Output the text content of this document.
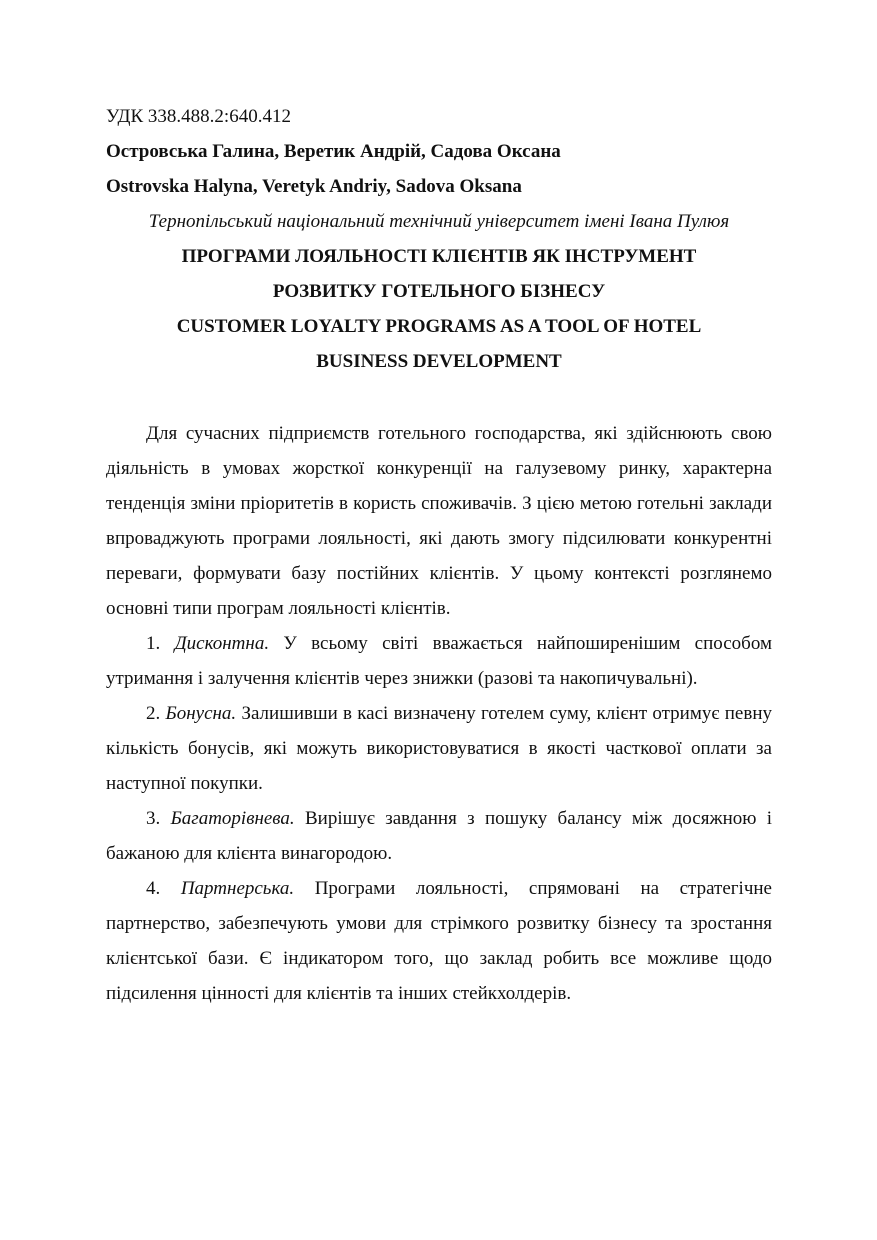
УДК 338.488.2:640.412

Островська Галина, Веретик Андрій, Садова Оксана

Ostrovska Halyna, Veretyk Andriy, Sadova Oksana

Тернопільський національний технічний університет імені Івана Пулюя

ПРОГРАМИ ЛОЯЛЬНОСТІ КЛІЄНТІВ ЯК ІНСТРУМЕНТ
РОЗВИТКУ ГОТЕЛЬНОГО БІЗНЕСУ
CUSTOMER LOYALTY PROGRAMS AS A TOOL OF HOTEL
BUSINESS DEVELOPMENT

Для сучасних підприємств готельного господарства, які здійснюють свою діяльність в умовах жорсткої конкуренції на галузевому ринку, характерна тенденція зміни пріоритетів в користь споживачів. З цією метою готельні заклади впроваджують програми лояльності, які дають змогу підсилювати конкурентні переваги, формувати базу постійних клієнтів. У цьому контексті розглянемо основні типи програм лояльності клієнтів.

1. Дисконтна. У всьому світі вважається найпоширенішим способом утримання і залучення клієнтів через знижки (разові та накопичувальні).

2. Бонусна. Залишивши в касі визначену готелем суму, клієнт отримує певну кількість бонусів, які можуть використовуватися в якості часткової оплати за наступної покупки.

3. Багаторівнева. Вирішує завдання з пошуку балансу між досяжною і бажаною для клієнта винагородою.

4. Партнерська. Програми лояльності, спрямовані на стратегічне партнерство, забезпечують умови для стрімкого розвитку бізнесу та зростання клієнтської бази. Є індикатором того, що заклад робить все можливе щодо підсилення цінності для клієнтів та інших стейкхолдерів.
